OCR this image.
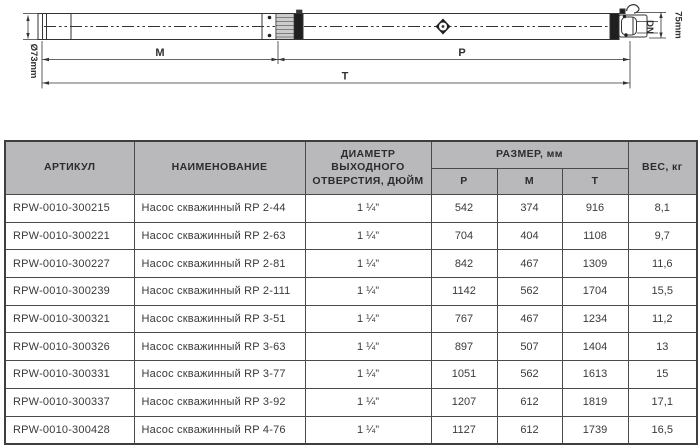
M	P
T
Ø73mm
75mm
DN
АРТИКУЛ	НАИМЕНОВАНИЕ	ДИАМЕТР ВЫХОДНОГО ОТВЕРСТИЯ, ДЮЙМ	РАЗМЕР, мм			ВЕС, кг
			P	M	T	
RPW-0010-300215	Насос скважинный RP 2-44	1 ¼”	542	374	916	8,1
RPW-0010-300221	Насос скважинный RP 2-63	1 ¼”	704	404	1108	9,7
RPW-0010-300227	Насос скважинный RP 2-81	1 ¼”	842	467	1309	11,6
RPW-0010-300239	Насос скважинный RP 2-111	1 ¼”	1142	562	1704	15,5
RPW-0010-300321	Насос скважинный RP 3-51	1 ¼”	767	467	1234	11,2
RPW-0010-300326	Насос скважинный RP 3-63	1 ¼”	897	507	1404	13
RPW-0010-300331	Насос скважинный RP 3-77	1 ¼”	1051	562	1613	15
RPW-0010-300337	Насос скважинный RP 3-92	1 ¼”	1207	612	1819	17,1
RPW-0010-300428	Насос скважинный RP 4-76	1 ¼”	1127	612	1739	16,5
